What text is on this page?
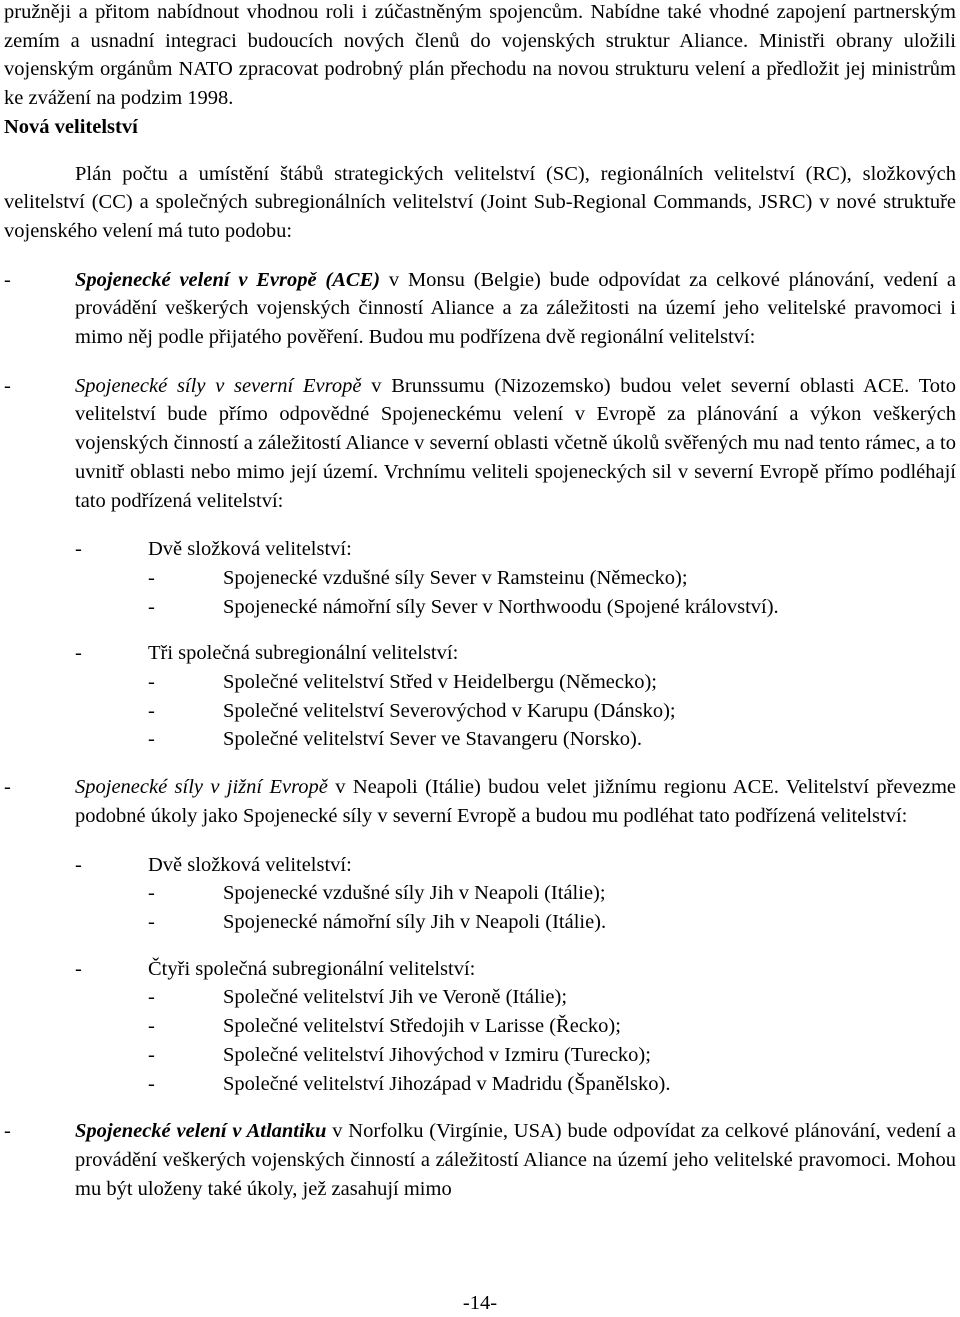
pružněji a přitom nabídnout vhodnou roli i zúčastněným spojencům. Nabídne také vhodné zapojení partnerským zemím a usnadní integraci budoucích nových členů do vojenských struktur Aliance. Ministři obrany uložili vojenským orgánům NATO zpracovat podrobný plán přechodu na novou strukturu velení a předložit jej ministrům ke zvážení na podzim 1998.

Nová velitelství

Plán počtu a umístění štábů strategických velitelství (SC), regionálních velitelství (RC), složkových velitelství (CC) a společných subregionálních velitelství (Joint Sub-Regional Commands, JSRC) v nové struktuře vojenského velení má tuto podobu:

-	Spojenecké velení v Evropě (ACE) v Monsu (Belgie) bude odpovídat za celkové plánování, vedení a provádění veškerých vojenských činností Aliance a za záležitosti na území jeho velitelské pravomoci i mimo něj podle přijatého pověření. Budou mu podřízena dvě regionální velitelství:

-	Spojenecké síly v severní Evropě v Brunssumu (Nizozemsko) budou velet severní oblasti ACE. Toto velitelství bude přímo odpovědné Spojeneckému velení v Evropě za plánování a výkon veškerých vojenských činností a záležitostí Aliance v severní oblasti včetně úkolů svěřených mu nad tento rámec, a to uvnitř oblasti nebo mimo její území. Vrchnímu veliteli spojeneckých sil v severní Evropě přímo podléhají tato podřízená velitelství:

-	Dvě složková velitelství:
-	Spojenecké vzdušné síly Sever v Ramsteinu (Německo);
-	Spojenecké námořní síly Sever v Northwoodu (Spojené království).
-	Tři společná subregionální velitelství:
-	Společné velitelství Střed v Heidelbergu (Německo);
-	Společné velitelství Severovýchod v Karupu (Dánsko);
-	Společné velitelství Sever ve Stavangeru (Norsko).
-	Spojenecké síly v jižní Evropě v Neapoli (Itálie) budou velet jižnímu regionu ACE. Velitelství převezme podobné úkoly jako Spojenecké síly v severní Evropě a budou mu podléhat tato podřízená velitelství:

-	Dvě složková velitelství:
-	Spojenecké vzdušné síly Jih v Neapoli (Itálie);
-	Spojenecké námořní síly Jih v Neapoli (Itálie).
-	Čtyři společná subregionální velitelství:
-	Společné velitelství Jih ve Veroně (Itálie);
-	Společné velitelství Středojih v Larisse (Řecko);
-	Společné velitelství Jihovýchod v Izmiru (Turecko);
-	Společné velitelství Jihozápad v Madridu (Španělsko).
-	Spojenecké velení v Atlantiku v Norfolku (Virgínie, USA) bude odpovídat za celkové plánování, vedení a provádění veškerých vojenských činností a záležitostí Aliance na území jeho velitelské pravomoci. Mohou mu být uloženy také úkoly, jež zasahují mimo

-14-
